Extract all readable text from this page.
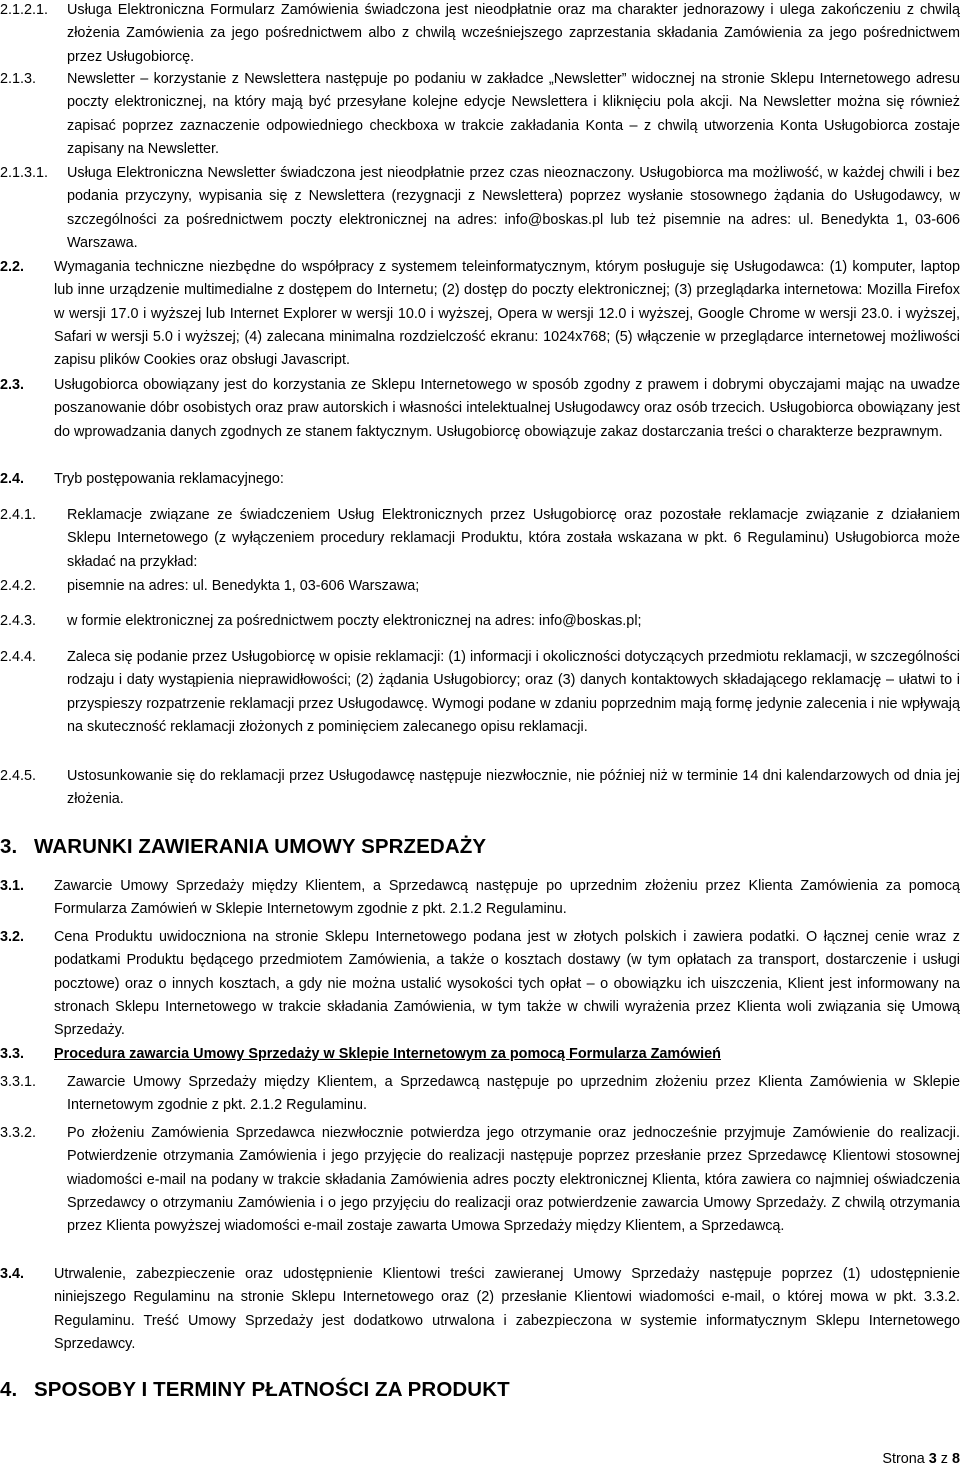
2.1.2.1. Usługa Elektroniczna Formularz Zamówienia świadczona jest nieodpłatnie oraz ma charakter jednorazowy i ulega zakończeniu z chwilą złożenia Zamówienia za jego pośrednictwem albo z chwilą wcześniejszego zaprzestania składania Zamówienia za jego pośrednictwem przez Usługobiorcę.
2.1.3. Newsletter – korzystanie z Newslettera następuje po podaniu w zakładce „Newsletter” widocznej na stronie Sklepu Internetowego adresu poczty elektronicznej, na który mają być przesyłane kolejne edycje Newslettera i kliknięciu pola akcji. Na Newsletter można się również zapisać poprzez zaznaczenie odpowiedniego checkboxa w trakcie zakładania Konta – z chwilą utworzenia Konta Usługobiorca zostaje zapisany na Newsletter.
2.1.3.1. Usługa Elektroniczna Newsletter świadczona jest nieodpłatnie przez czas nieoznaczony. Usługobiorca ma możliwość, w każdej chwili i bez podania przyczyny, wypisania się z Newslettera (rezygnacji z Newslettera) poprzez wysłanie stosownego żądania do Usługodawcy, w szczególności za pośrednictwem poczty elektronicznej na adres: info@boskas.pl lub też pisemnie na adres: ul. Benedykta 1, 03-606 Warszawa.
2.2. Wymagania techniczne niezbędne do współpracy z systemem teleinformatycznym, którym posługuje się Usługodawca: (1) komputer, laptop lub inne urządzenie multimedialne z dostępem do Internetu; (2) dostęp do poczty elektronicznej; (3) przeglądarka internetowa: Mozilla Firefox w wersji 17.0 i wyższej lub Internet Explorer w wersji 10.0 i wyższej, Opera w wersji 12.0 i wyższej, Google Chrome w wersji 23.0. i wyższej, Safari w wersji 5.0 i wyższej; (4) zalecana minimalna rozdzielczość ekranu: 1024x768; (5) włączenie w przeglądarce internetowej możliwości zapisu plików Cookies oraz obsługi Javascript.
2.3. Usługobiorca obowiązany jest do korzystania ze Sklepu Internetowego w sposób zgodny z prawem i dobrymi obyczajami mając na uwadze poszanowanie dóbr osobistych oraz praw autorskich i własności intelektualnej Usługodawcy oraz osób trzecich. Usługobiorca obowiązany jest do wprowadzania danych zgodnych ze stanem faktycznym. Usługobiorcę obowiązuje zakaz dostarczania treści o charakterze bezprawnym.
2.4. Tryb postępowania reklamacyjnego:
2.4.1. Reklamacje związane ze świadczeniem Usług Elektronicznych przez Usługobiorcę oraz pozostałe reklamacje związanie z działaniem Sklepu Internetowego (z wyłączeniem procedury reklamacji Produktu, która została wskazana w pkt. 6 Regulaminu) Usługobiorca może składać na przykład:
2.4.2. pisemnie na adres: ul. Benedykta 1, 03-606 Warszawa;
2.4.3. w formie elektronicznej za pośrednictwem poczty elektronicznej na adres: info@boskas.pl;
2.4.4. Zaleca się podanie przez Usługobiorcę w opisie reklamacji: (1) informacji i okoliczności dotyczących przedmiotu reklamacji, w szczególności rodzaju i daty wystąpienia nieprawidłowości; (2) żądania Usługobiorcy; oraz (3) danych kontaktowych składającego reklamację – ułatwi to i przyspieszy rozpatrzenie reklamacji przez Usługodawcę. Wymogi podane w zdaniu poprzednim mają formę jedynie zalecenia i nie wpływają na skuteczność reklamacji złożonych z pominięciem zalecanego opisu reklamacji.
2.4.5. Ustosunkowanie się do reklamacji przez Usługodawcę następuje niezwłocznie, nie później niż w terminie 14 dni kalendarzowych od dnia jej złożenia.
3. WARUNKI ZAWIERANIA UMOWY SPRZEDAŻY
3.1. Zawarcie Umowy Sprzedaży między Klientem, a Sprzedawcą następuje po uprzednim złożeniu przez Klienta Zamówienia za pomocą Formularza Zamówień w Sklepie Internetowym zgodnie z pkt. 2.1.2 Regulaminu.
3.2. Cena Produktu uwidoczniona na stronie Sklepu Internetowego podana jest w złotych polskich i zawiera podatki. O łącznej cenie wraz z podatkami Produktu będącego przedmiotem Zamówienia, a także o kosztach dostawy (w tym opłatach za transport, dostarczenie i usługi pocztowe) oraz o innych kosztach, a gdy nie można ustalić wysokości tych opłat – o obowiązku ich uiszczenia, Klient jest informowany na stronach Sklepu Internetowego w trakcie składania Zamówienia, w tym także w chwili wyrażenia przez Klienta woli związania się Umową Sprzedaży.
3.3. Procedura zawarcia Umowy Sprzedaży w Sklepie Internetowym za pomocą Formularza Zamówień
3.3.1. Zawarcie Umowy Sprzedaży między Klientem, a Sprzedawcą następuje po uprzednim złożeniu przez Klienta Zamówienia w Sklepie Internetowym zgodnie z pkt. 2.1.2 Regulaminu.
3.3.2. Po złożeniu Zamówienia Sprzedawca niezwłocznie potwierdza jego otrzymanie oraz jednocześnie przyjmuje Zamówienie do realizacji. Potwierdzenie otrzymania Zamówienia i jego przyjęcie do realizacji następuje poprzez przesłanie przez Sprzedawcę Klientowi stosownej wiadomości e-mail na podany w trakcie składania Zamówienia adres poczty elektronicznej Klienta, która zawiera co najmniej oświadczenia Sprzedawcy o otrzymaniu Zamówienia i o jego przyjęciu do realizacji oraz potwierdzenie zawarcia Umowy Sprzedaży. Z chwilą otrzymania przez Klienta powyższej wiadomości e-mail zostaje zawarta Umowa Sprzedaży między Klientem, a Sprzedawcą.
3.4. Utrwalenie, zabezpieczenie oraz udostępnienie Klientowi treści zawieranej Umowy Sprzedaży następuje poprzez (1) udostępnienie niniejszego Regulaminu na stronie Sklepu Internetowego oraz (2) przesłanie Klientowi wiadomości e-mail, o której mowa w pkt. 3.3.2. Regulaminu. Treść Umowy Sprzedaży jest dodatkowo utrwalona i zabezpieczona w systemie informatycznym Sklepu Internetowego Sprzedawcy.
4. SPOSOBY I TERMINY PŁATNOŚCI ZA PRODUKT
Strona 3 z 8
